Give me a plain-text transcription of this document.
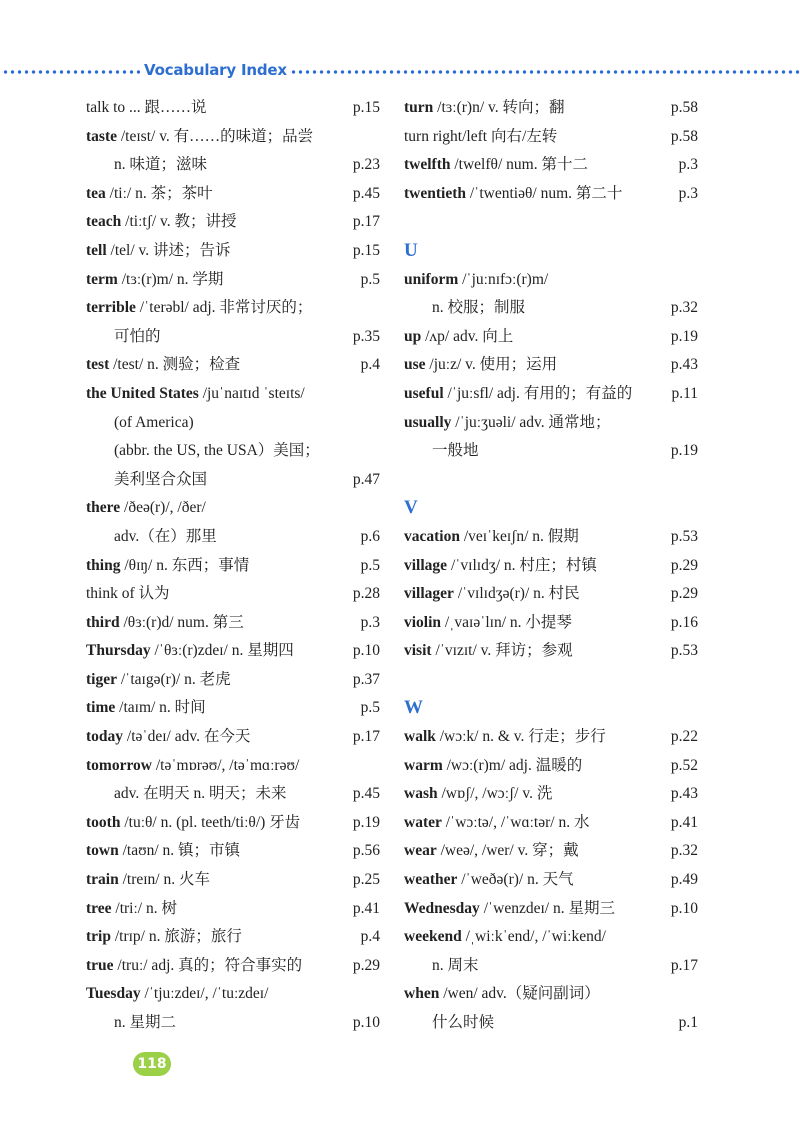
Vocabulary Index
talk to ... 跟……说	p.15
taste /teɪst/ v. 有……的味道；品尝
n. 味道；滋味	p.23
tea /tiː/ n. 茶；茶叶	p.45
teach /tiːtʃ/ v. 教；讲授	p.17
tell /tel/ v. 讲述；告诉	p.15
term /tɜː(r)m/ n. 学期	p.5
terrible /ˈterəbl/ adj. 非常讨厌的；
可怕的	p.35
test /test/ n. 测验；检查	p.4
the United States /juˈnaɪtɪd ˈsteɪts/
(of America)
(abbr. the US, the USA）美国；
美利坚合众国	p.47
there /ðeə(r)/, /ðer/
adv.（在）那里	p.6
thing /θɪŋ/ n. 东西；事情	p.5
think of 认为	p.28
third /θɜː(r)d/ num. 第三	p.3
Thursday /ˈθɜː(r)zdeɪ/ n. 星期四	p.10
tiger /ˈtaɪgə(r)/ n. 老虎	p.37
time /taɪm/ n. 时间	p.5
today /təˈdeɪ/ adv. 在今天	p.17
tomorrow /təˈmɒrəʊ/, /təˈmɑːrəʊ/
adv. 在明天 n. 明天；未来	p.45
tooth /tuːθ/ n. (pl. teeth/tiːθ/) 牙齿	p.19
town /taʊn/ n. 镇；市镇	p.56
train /treɪn/ n. 火车	p.25
tree /triː/ n. 树	p.41
trip /trɪp/ n. 旅游；旅行	p.4
true /truː/ adj. 真的；符合事实的	p.29
Tuesday /ˈtjuːzdeɪ/, /ˈtuːzdeɪ/
n. 星期二	p.10
turn /tɜː(r)n/ v. 转向；翻	p.58
turn right/left 向右/左转	p.58
twelfth /twelfθ/ num. 第十二	p.3
twentieth /ˈtwentiəθ/ num. 第二十	p.3
U
uniform /ˈjuːnɪfɔː(r)m/
n. 校服；制服	p.32
up /ʌp/ adv. 向上	p.19
use /juːz/ v. 使用；运用	p.43
useful /ˈjuːsfl/ adj. 有用的；有益的	p.11
usually /ˈjuːʒuəli/ adv. 通常地；
一般地	p.19
V
vacation /veɪˈkeɪʃn/ n. 假期	p.53
village /ˈvɪlɪdʒ/ n. 村庄；村镇	p.29
villager /ˈvɪlɪdʒə(r)/ n. 村民	p.29
violin /ˌvaɪəˈlɪn/ n. 小提琴	p.16
visit /ˈvɪzɪt/ v. 拜访；参观	p.53
W
walk /wɔːk/ n. & v. 行走；步行	p.22
warm /wɔː(r)m/ adj. 温暖的	p.52
wash /wɒʃ/, /wɔːʃ/ v. 洗	p.43
water /ˈwɔːtə/, /ˈwɑːtər/ n. 水	p.41
wear /weə/, /wer/ v. 穿；戴	p.32
weather /ˈweðə(r)/ n. 天气	p.49
Wednesday /ˈwenzdeɪ/ n. 星期三	p.10
weekend /ˌwiːkˈend/, /ˈwiːkend/
n. 周末	p.17
when /wen/ adv.（疑问副词）
什么时候	p.1
118
